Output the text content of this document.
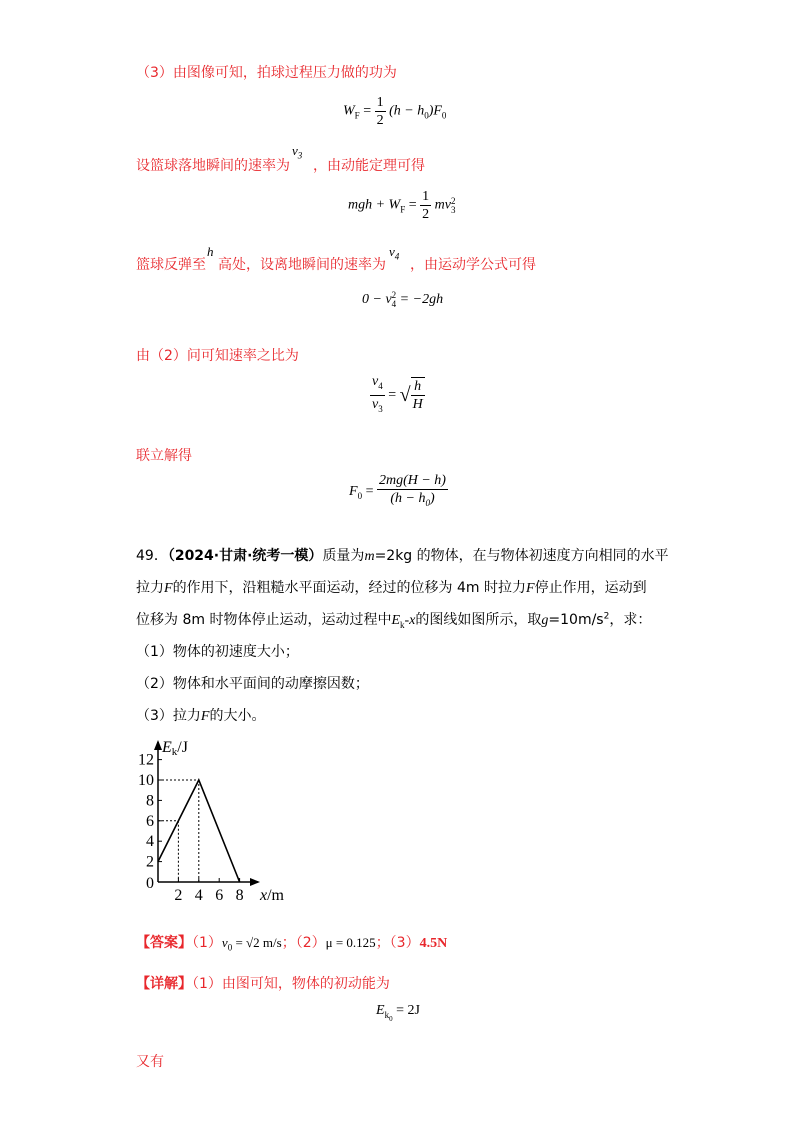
（3）由图像可知，拍球过程压力做的功为
$W_F = \frac{1}{2} (h - h_0)F_0$
设篮球落地瞬间的速率为
$v_3$
，由动能定理可得
mgh + $W_F = \frac{1}{2}$ mv 2
3
篮球反弹至
h
高处，设离地瞬间的速率为
$v_4$
，由运动学公式可得
0 − v 2
4 = −2gh
由（2）问可知速率之比为
$\frac{v_4}{v_3}$ = √ $\frac{h}{H}$
联立解得
$F_0 = \frac{2mg(H - h)}{(h - h_0)}$
49．（2024·甘肃·统考一模）质量为m=2kg 的物体，在与物体初速度方向相同的水平
拉力F的作用下，沿粗糙水平面运动，经过的位移为 4m 时拉力F停止作用，运动到
位移为 8m 时物体停止运动，运动过程中$E_k-x$的图线如图所示，取$g=10m/s^2$，求：
（1）物体的初速度大小；
（2）物体和水平面间的动摩擦因数；
（3）拉力F的大小。
Ek/J
x/m
0
2
4
6
8
10
12
2 4 6 8
【答案】$(1)v_0 = √2$ m/s；（2）μ = 0.125；（3）4.5N
【详解】（1）由图可知，物体的初动能为
$E_{k_0} = 2J$
又有
